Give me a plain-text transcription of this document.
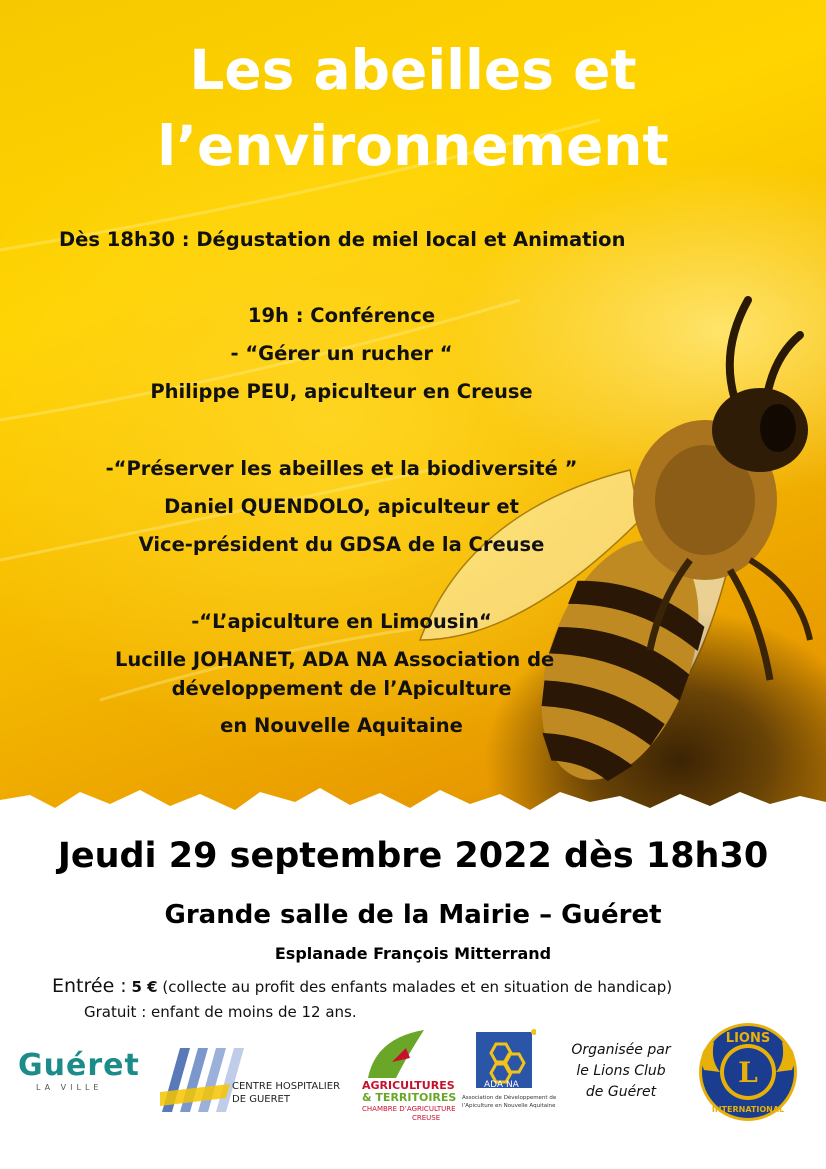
Les abeilles et
l’environnement

Dès 18h30 : Dégustation de miel local et Animation

19h : Conférence

- “Gérer un rucher “

Philippe PEU, apiculteur en Creuse

-“Préserver les abeilles et la biodiversité ”

Daniel QUENDOLO, apiculteur et

Vice-président du GDSA de la Creuse

-“L’apiculture en Limousin“

Lucille JOHANET, ADA NA Association de

développement de l’Apiculture

en Nouvelle Aquitaine

Jeudi 29 septembre 2022 dès 18h30

Grande salle de la Mairie – Guéret

Esplanade François Mitterrand

Entrée : 5 € (collecte au profit des enfants malades et en situation de handicap)

Gratuit : enfant de moins de 12 ans.

Guéret
LA VILLE	CENTRE HOSPITALIER
DE GUERET
AGRICULTURES
& TERRITOIRES
CHAMBRE D’AGRICULTURE
CREUSE
ADA NA
Association de Développement de
l’Apiculture en Nouvelle Aquitaine

Organisée par
le Lions Club
de Guéret

LIONS
L
INTERNATIONAL
